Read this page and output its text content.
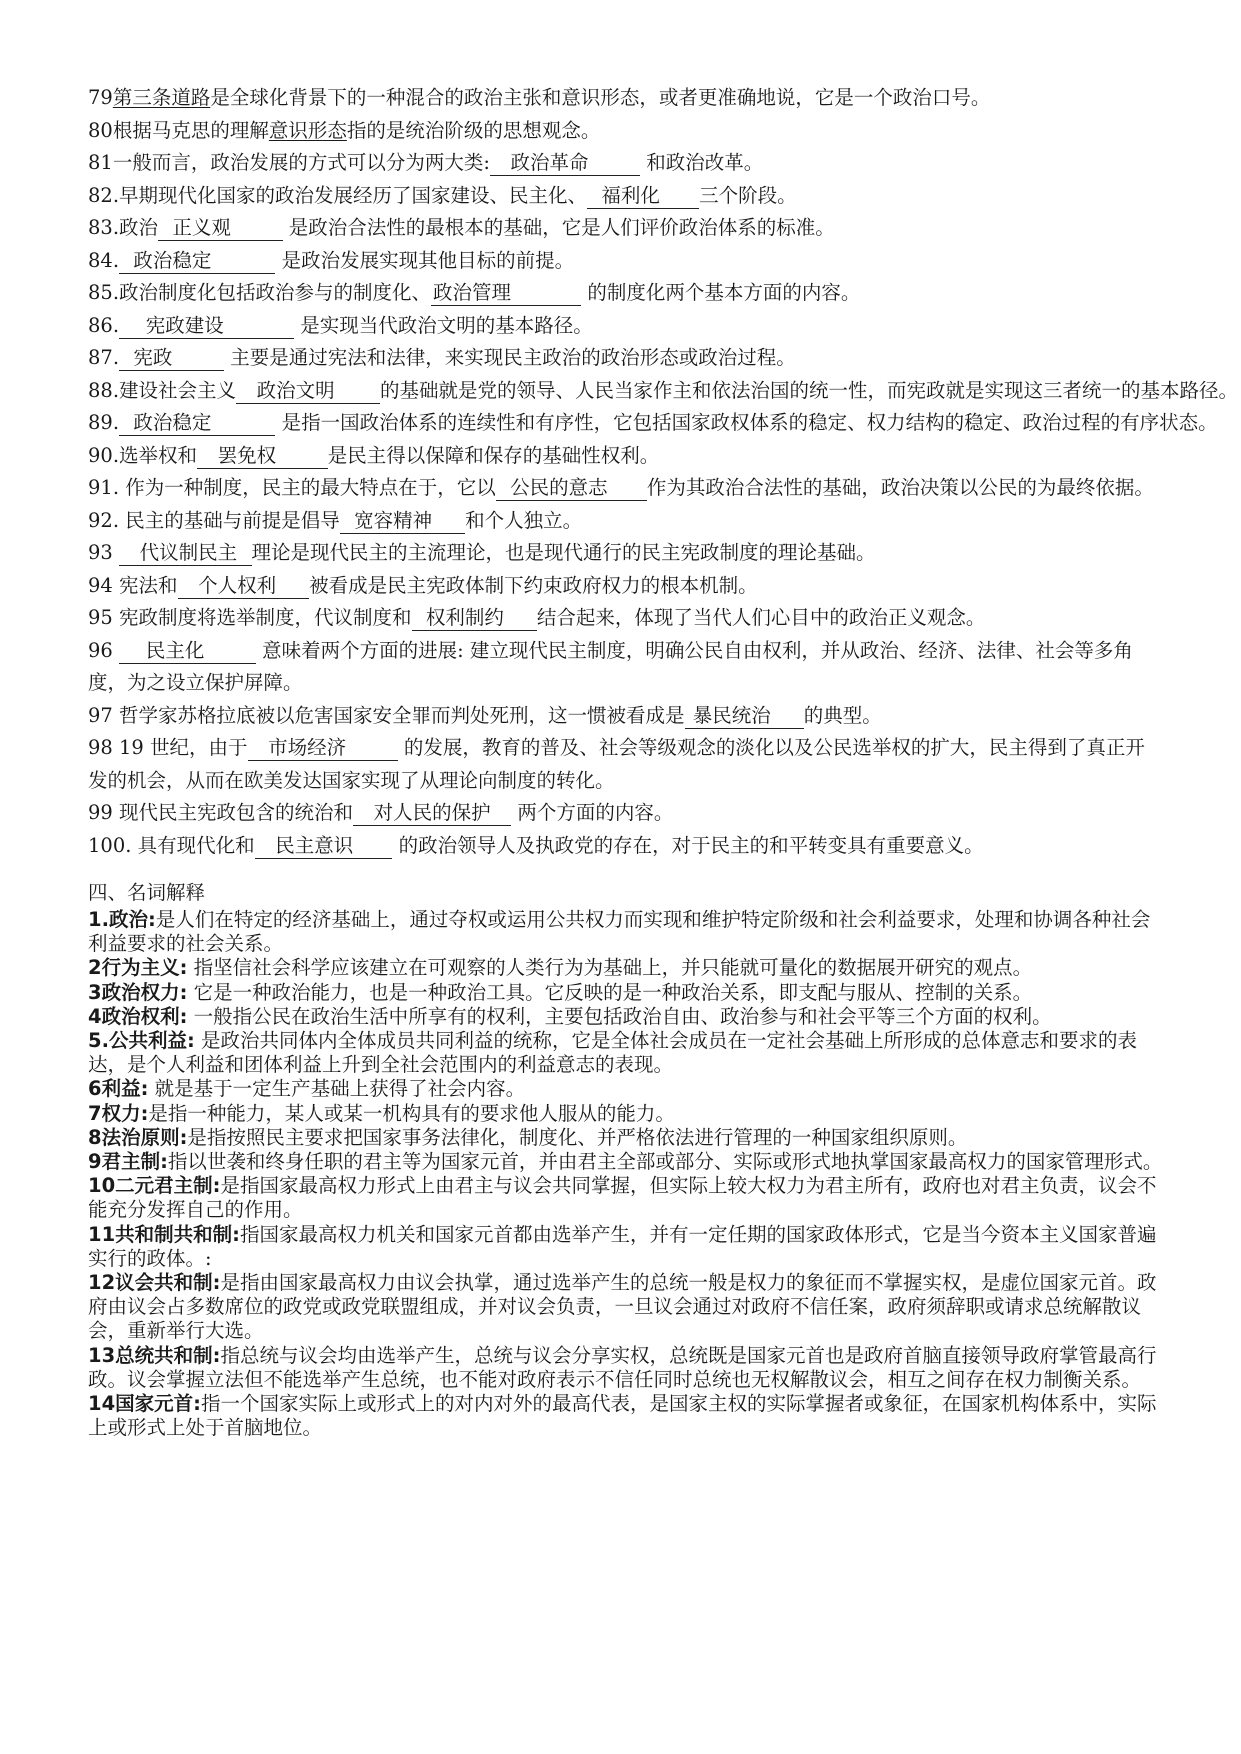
79第三条道路是全球化背景下的一种混合的政治主张和意识形态，或者更准确地说，它是一个政治口号。
80根据马克思的理解意识形态指的是统治阶级的思想观念。
81一般而言，政治发展的方式可以分为两大类:   政治革命         和政治改革。
82.早期现代化国家的政治发展经历了国家建设、民主化、  福利化      三个阶段。
83.政治  正义观         是政治合法性的最根本的基础，它是人们评价政治体系的标准。
84.  政治稳定           是政治发展实现其他目标的前提。
85.政治制度化包括政治参与的制度化、 政治管理            的制度化两个基本方面的内容。
86.    宪政建设            是实现当代政治文明的基本路径。
87.  宪政         主要是通过宪法和法律，来实现民主政治的政治形态或政治过程。
88.建设社会主义   政治文明       的基础就是党的领导、人民当家作主和依法治国的统一性，而宪政就是实现这三者统一的基本路径。
89.  政治稳定           是指一国政治体系的连续性和有序性，它包括国家政权体系的稳定、权力结构的稳定、政治过程的有序状态。
90.选举权和   罢免权        是民主得以保障和保存的基础性权利。
91. 作为一种制度，民主的最大特点在于，它以  公民的意志      作为其政治合法性的基础，政治决策以公民的为最终依据。
92. 民主的基础与前提是倡导  宽容精神     和个人独立。
93    代议制民主  理论是现代民主的主流理论，也是现代通行的民主宪政制度的理论基础。
94 宪法和   个人权利     被看成是民主宪政体制下约束政府权力的根本机制。
95 宪政制度将选举制度，代议制度和  权利制约     结合起来，体现了当代人们心目中的政治正义观念。
96     民主化         意味着两个方面的进展: 建立现代民主制度，明确公民自由权利，并从政治、经济、法律、社会等多角度，为之设立保护屏障。
97 哲学家苏格拉底被以危害国家安全罪而判处死刑，这一惯被看成是 暴民统治     的典型。
98 19 世纪，由于   市场经济         的发展，教育的普及、社会等级观念的淡化以及公民选举权的扩大，民主得到了真正开发的机会，从而在欧美发达国家实现了从理论向制度的转化。
99 现代民主宪政包含的统治和   对人民的保护    两个方面的内容。
100. 具有现代化和   民主意识       的政治领导人及执政党的存在，对于民主的和平转变具有重要意义。
四、名词解释

1.政治:是人们在特定的经济基础上，通过夺权或运用公共权力而实现和维护特定阶级和社会利益要求，处理和协调各种社会利益要求的社会关系。

2行为主义: 指坚信社会科学应该建立在可观察的人类行为为基础上，并只能就可量化的数据展开研究的观点。

3政治权力: 它是一种政治能力，也是一种政治工具。它反映的是一种政治关系，即支配与服从、控制的关系。

4政治权利: 一般指公民在政治生活中所享有的权利，主要包括政治自由、政治参与和社会平等三个方面的权利。

5.公共利益: 是政治共同体内全体成员共同利益的统称，它是全体社会成员在一定社会基础上所形成的总体意志和要求的表达，是个人利益和团体利益上升到全社会范围内的利益意志的表现。

6利益: 就是基于一定生产基础上获得了社会内容。

7权力:是指一种能力，某人或某一机构具有的要求他人服从的能力。

8法治原则:是指按照民主要求把国家事务法律化，制度化、并严格依法进行管理的一种国家组织原则。

9君主制:指以世袭和终身任职的君主等为国家元首，并由君主全部或部分、实际或形式地执掌国家最高权力的国家管理形式。

10二元君主制:是指国家最高权力形式上由君主与议会共同掌握，但实际上较大权力为君主所有，政府也对君主负责，议会不能充分发挥自己的作用。

11共和制共和制:指国家最高权力机关和国家元首都由选举产生，并有一定任期的国家政体形式，它是当今资本主义国家普遍实行的政体。:

12议会共和制:是指由国家最高权力由议会执掌，通过选举产生的总统一般是权力的象征而不掌握实权，是虚位国家元首。政府由议会占多数席位的政党或政党联盟组成，并对议会负责，一旦议会通过对政府不信任案，政府须辞职或请求总统解散议会，重新举行大选。

13总统共和制:指总统与议会均由选举产生，总统与议会分享实权，总统既是国家元首也是政府首脑直接领导政府掌管最高行政。议会掌握立法但不能选举产生总统，也不能对政府表示不信任同时总统也无权解散议会，相互之间存在权力制衡关系。

14国家元首:指一个国家实际上或形式上的对内对外的最高代表，是国家主权的实际掌握者或象征，在国家机构体系中，实际上或形式上处于首脑地位。
